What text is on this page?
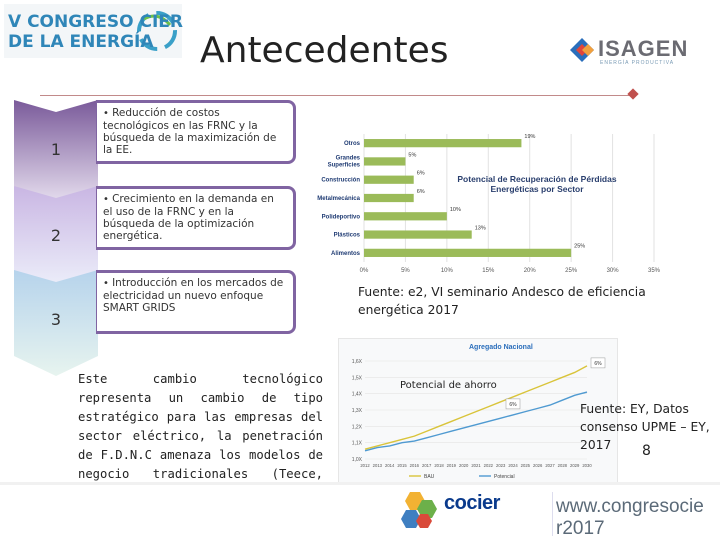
V CONGRESO CIER
DE LA ENERGÍA Antecedentes	ISAGEN
ENERGÍA PRODUCTIVA
1
2
3
• Reducción de costos tecnológicos en las FRNC y la búsqueda de la maximización de la EE.
• Crecimiento en la demanda en el uso de la FRNC y en la búsqueda de la optimización energética.
• Introducción en los mercados de electricidad un nuevo enfoque SMART GRIDS
Este cambio tecnológico representa un cambio de tipo estratégico para las empresas del sector eléctrico, la penetración de F.D.N.C amenaza los modelos de negocio tradicionales (Teece,
0%	5%	10%	15%	20%	25%	30%	35%
Otros
19%
Grandes
Superficies
5%
Construcción
6%
Metalmecánica
6%
Polideportivo
10%
Plásticos
13%
Alimentos
25%
Potencial de Recuperación de Pérdidas Energéticas por Sector
Fuente: e2, VI seminario Andesco de eficiencia energética 2017
Agregado Nacional
1,0X
1,1X
1,2X
1,3X
1,4X
1,5X
1,6X
2012 2013 2014 2015 2016 2017 2018 2019 2020 2021 2022 2023 2024 2025 2026 2027 2028 2029 2030
BAU	Potencial
6%
6%
Potencial de ahorro
Fuente: EY, Datos consenso UPME – EY, 2017	8
cocier	www.congresocie
r2017
